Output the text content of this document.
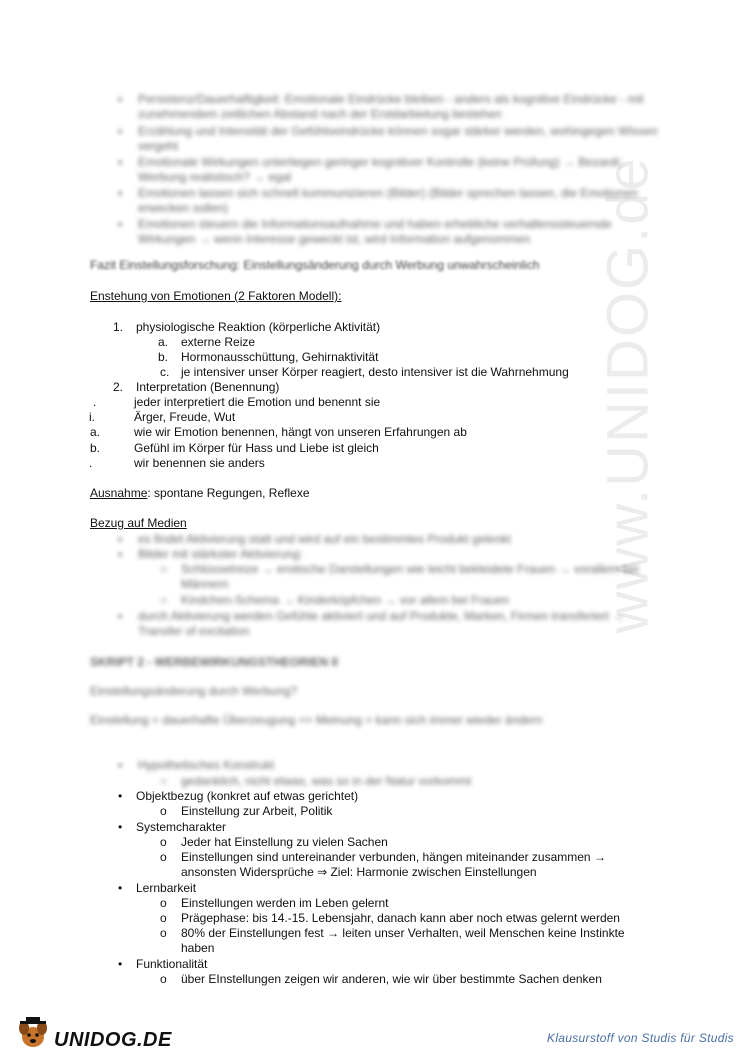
www.UNIDOG.de
▪ Persistenz/Dauerhaftigkeit: Emotionale Eindrücke bleiben - anders als kognitive Eindrücke - mit
zunehmendem zeitlichen Abstand nach der Erstdarbietung bestehen
▪ Erzählung und Intensität der Gefühlseindrücke können sogar stärker werden, wohingegen Wissen
vergeht
▪ Emotionale Wirkungen unterliegen geringer kognitiver Kontrolle (keine Prüfung) → Bezardi:
Werbung realistisch? → egal
▪ Emotionen lassen sich schnell kommunizieren (Bilder) (Bilder sprechen lassen, die Emotionen
erwecken sollen)
▪ Emotionen steuern die Informationsaufnahme und haben erhebliche verhaltenssteuernde
Wirkungen → wenn Interesse geweckt ist, wird Information aufgenommen
Fazit Einstellungsforschung: Einstellungsänderung durch Werbung unwahrscheinlich
Enstehung von Emotionen (2 Faktoren Modell):
1. physiologische Reaktion (körperliche Aktivität)
a. externe Reize
b. Hormonausschüttung, Gehirnaktivität
c. je intensiver unser Körper reagiert, desto intensiver ist die Wahrnehmung
2. Interpretation (Benennung)
.	jeder interpretiert die Emotion und benennt sie
i.	Ärger, Freude, Wut
a.	wie wir Emotion benennen, hängt von unseren Erfahrungen ab
b.	Gefühl im Körper für Hass und Liebe ist gleich
.	wir benennen sie anders
Ausnahme: spontane Regungen, Reflexe
Bezug auf Medien
▪ es findet Aktivierung statt und wird auf ein bestimmtes Produkt gelenkt
▪ Bilder mit stärkster Aktivierung:
○ Schlüsselreize → erotische Darstellungen wie leicht bekleidete Frauen → vorallem bei
Männern
○ Kindchen-Schema → Kinderköpfchen → vor allem bei Frauen
▪ durch Aktivierung werden Gefühle aktiviert und auf Produkte, Marken, Firmen transferiert →
Transfer of excitation
SKRIPT 2 - WERBEWIRKUNGSTHEORIEN II
Einstellungsänderung durch Werbung?
Einstellung = dauerhafte Überzeugung => Meinung = kann sich immer wieder ändern
▪ Hypothetisches Konstrukt
○ gedanklich, nicht etwas, was so in der Natur vorkommt
• Objektbezug (konkret auf etwas gerichtet)
o Einstellung zur Arbeit, Politik
• Systemcharakter
o Jeder hat Einstellung zu vielen Sachen
o Einstellungen sind untereinander verbunden, hängen miteinander zusammen →
ansonsten Widersprüche ⇒ Ziel: Harmonie zwischen Einstellungen
• Lernbarkeit
o Einstellungen werden im Leben gelernt
o Prägephase: bis 14.-15. Lebensjahr, danach kann aber noch etwas gelernt werden
o 80% der Einstellungen fest → leiten unser Verhalten, weil Menschen keine Instinkte
haben
• Funktionalität
o über EInstellungen zeigen wir anderen, wie wir über bestimmte Sachen denken
UNIDOG.DE	Klausurstoff von Studis für Studis
